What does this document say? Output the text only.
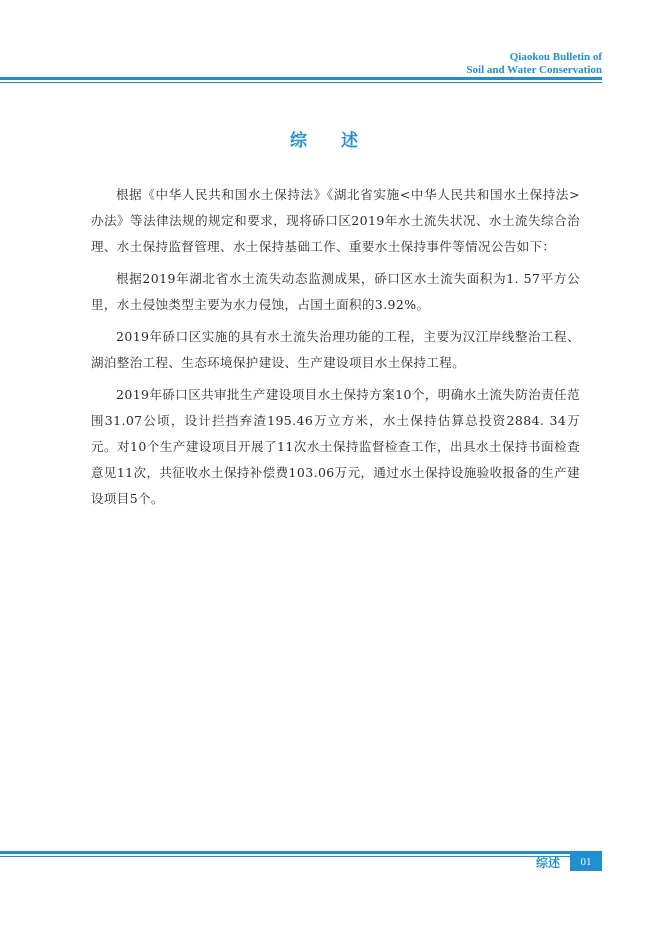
Qiaokou Bulletin of
Soil and Water Conservation
综 述

根据《中华人民共和国水土保持法》《湖北省实施<中华人民共和国水土保持法>办法》等法律法规的规定和要求，现将硚口区2019年水土流失状况、水土流失综合治理、水土保持监督管理、水土保持基础工作、重要水土保持事件等情况公告如下：

根据2019年湖北省水土流失动态监测成果，硚口区水土流失面积为1. 57平方公里，水土侵蚀类型主要为水力侵蚀，占国土面积的3.92%。

2019年硚口区实施的具有水土流失治理功能的工程，主要为汉江岸线整治工程、湖泊整治工程、生态环境保护建设、生产建设项目水土保持工程。

2019年硚口区共审批生产建设项目水土保持方案10个，明确水土流失防治责任范围31.07公顷，设计拦挡弃渣195.46万立方米，水土保持估算总投资2884. 34万元。对10个生产建设项目开展了11次水土保持监督检查工作，出具水土保持书面检查意见11次，共征收水土保持补偿费103.06万元，通过水土保持设施验收报备的生产建设项目5个。

综述	01
